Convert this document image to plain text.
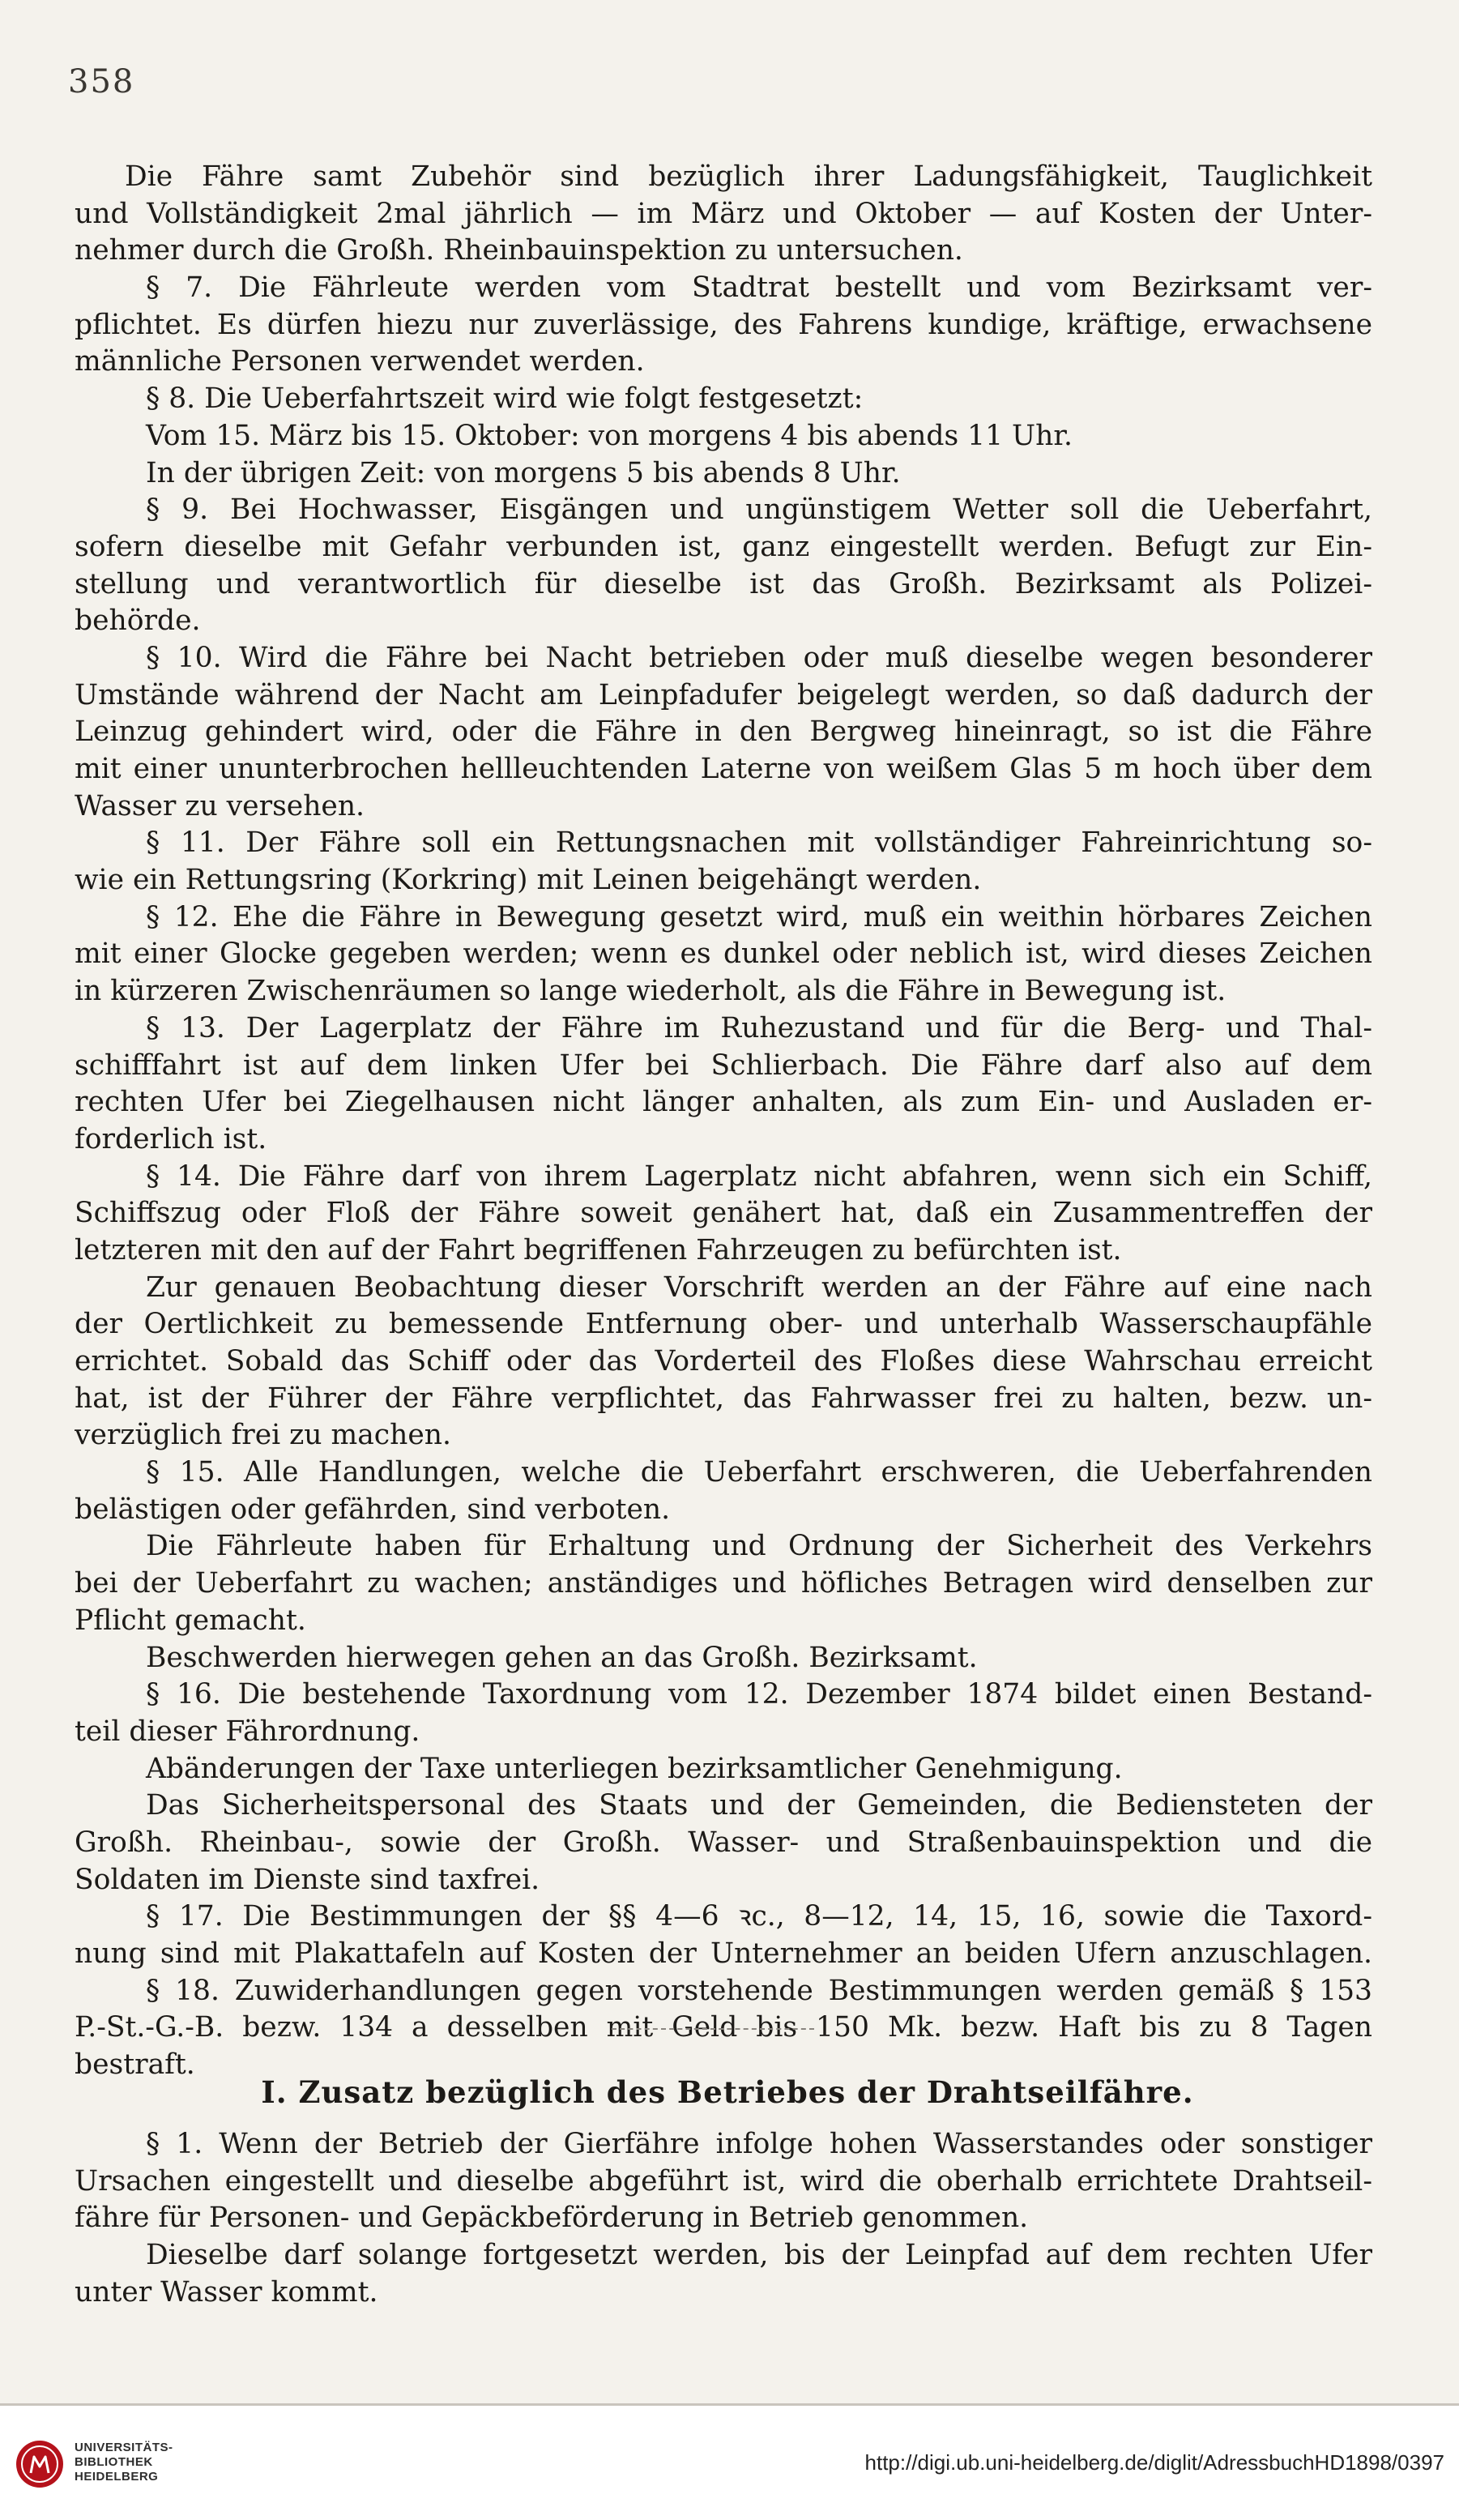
358
Die Fähre samt Zubehör sind bezüglich ihrer Ladungsfähigkeit, Tauglichkeit
und Vollständigkeit 2mal jährlich — im März und Oktober — auf Kosten der Unter-
nehmer durch die Großh. Rheinbauinspektion zu untersuchen.
§ 7. Die Fährleute werden vom Stadtrat bestellt und vom Bezirksamt ver-
pflichtet. Es dürfen hiezu nur zuverlässige, des Fahrens kundige, kräftige, erwachsene
männliche Personen verwendet werden.
§ 8. Die Ueberfahrtszeit wird wie folgt festgesetzt:
Vom 15. März bis 15. Oktober: von morgens 4 bis abends 11 Uhr.
In der übrigen Zeit: von morgens 5 bis abends 8 Uhr.
§ 9. Bei Hochwasser, Eisgängen und ungünstigem Wetter soll die Ueberfahrt,
sofern dieselbe mit Gefahr verbunden ist, ganz eingestellt werden. Befugt zur Ein-
stellung und verantwortlich für dieselbe ist das Großh. Bezirksamt als Polizei-
behörde.
§ 10. Wird die Fähre bei Nacht betrieben oder muß dieselbe wegen besonderer
Umstände während der Nacht am Leinpfadufer beigelegt werden, so daß dadurch der
Leinzug gehindert wird, oder die Fähre in den Bergweg hineinragt, so ist die Fähre
mit einer ununterbrochen hellleuchtenden Laterne von weißem Glas 5 m hoch über dem
Wasser zu versehen.
§ 11. Der Fähre soll ein Rettungsnachen mit vollständiger Fahreinrichtung so-
wie ein Rettungsring (Korkring) mit Leinen beigehängt werden.
§ 12. Ehe die Fähre in Bewegung gesetzt wird, muß ein weithin hörbares Zeichen
mit einer Glocke gegeben werden; wenn es dunkel oder neblich ist, wird dieses Zeichen
in kürzeren Zwischenräumen so lange wiederholt, als die Fähre in Bewegung ist.
§ 13. Der Lagerplatz der Fähre im Ruhezustand und für die Berg- und Thal-
schifffahrt ist auf dem linken Ufer bei Schlierbach. Die Fähre darf also auf dem
rechten Ufer bei Ziegelhausen nicht länger anhalten, als zum Ein- und Ausladen er-
forderlich ist.
§ 14. Die Fähre darf von ihrem Lagerplatz nicht abfahren, wenn sich ein Schiff,
Schiffszug oder Floß der Fähre soweit genähert hat, daß ein Zusammentreffen der
letzteren mit den auf der Fahrt begriffenen Fahrzeugen zu befürchten ist.
Zur genauen Beobachtung dieser Vorschrift werden an der Fähre auf eine nach
der Oertlichkeit zu bemessende Entfernung ober- und unterhalb Wasserschaupfähle
errichtet. Sobald das Schiff oder das Vorderteil des Floßes diese Wahrschau erreicht
hat, ist der Führer der Fähre verpflichtet, das Fahrwasser frei zu halten, bezw. un-
verzüglich frei zu machen.
§ 15. Alle Handlungen, welche die Ueberfahrt erschweren, die Ueberfahrenden
belästigen oder gefährden, sind verboten.
Die Fährleute haben für Erhaltung und Ordnung der Sicherheit des Verkehrs
bei der Ueberfahrt zu wachen; anständiges und höfliches Betragen wird denselben zur
Pflicht gemacht.
Beschwerden hierwegen gehen an das Großh. Bezirksamt.
§ 16. Die bestehende Taxordnung vom 12. Dezember 1874 bildet einen Bestand-
teil dieser Fährordnung.
Abänderungen der Taxe unterliegen bezirksamtlicher Genehmigung.
Das Sicherheitspersonal des Staats und der Gemeinden, die Bediensteten der
Großh. Rheinbau-, sowie der Großh. Wasser- und Straßenbauinspektion und die
Soldaten im Dienste sind taxfrei.
§ 17. Die Bestimmungen der §§ 4—6 ꝛc., 8—12, 14, 15, 16, sowie die Taxord-
nung sind mit Plakattafeln auf Kosten der Unternehmer an beiden Ufern anzuschlagen.
§ 18. Zuwiderhandlungen gegen vorstehende Bestimmungen werden gemäß § 153
P.-St.-G.-B. bezw. 134 a desselben mit Geld bis 150 Mk. bezw. Haft bis zu 8 Tagen
bestraft.
I. Zusatz bezüglich des Betriebes der Drahtseilfähre.
§ 1. Wenn der Betrieb der Gierfähre infolge hohen Wasserstandes oder sonstiger
Ursachen eingestellt und dieselbe abgeführt ist, wird die oberhalb errichtete Drahtseil-
fähre für Personen- und Gepäckbeförderung in Betrieb genommen.
Dieselbe darf solange fortgesetzt werden, bis der Leinpfad auf dem rechten Ufer
unter Wasser kommt.
UNIVERSITÄTS-
BIBLIOTHEK
HEIDELBERG
http://digi.ub.uni-heidelberg.de/diglit/AdressbuchHD1898/0397
